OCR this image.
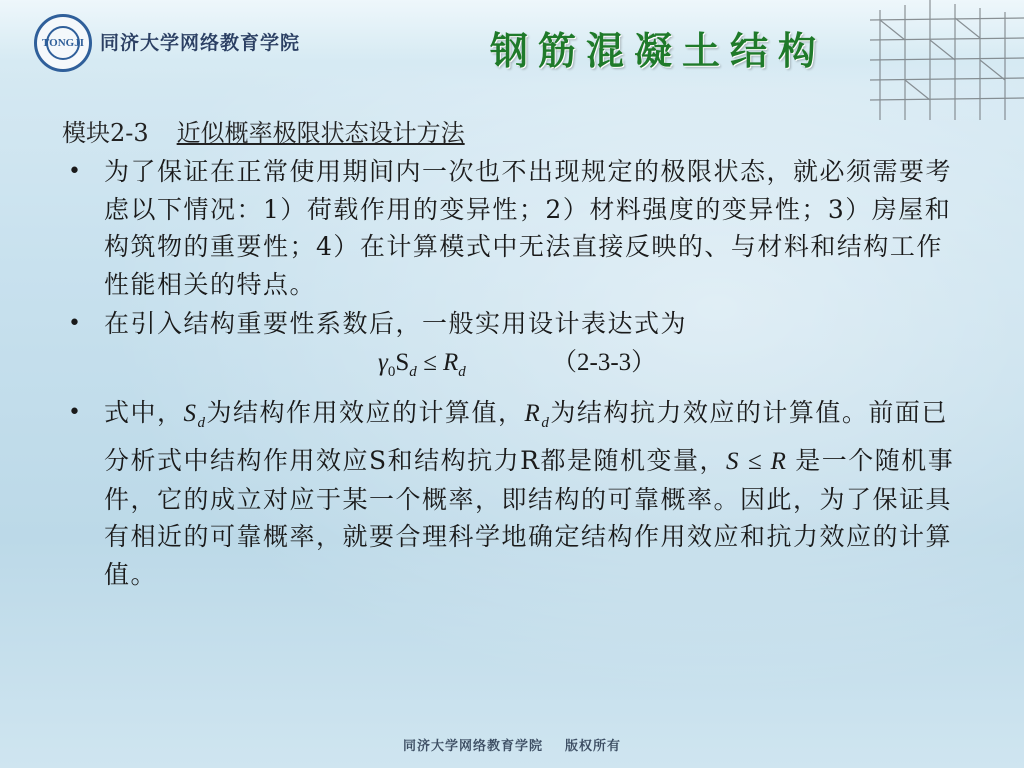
TONGJI 同济大学网络教育学院	钢筋混凝土结构
模块2-3 近似概率极限状态设计方法
• 为了保证在正常使用期间内一次也不出现规定的极限状态，就必须需要考虑以下情况：1）荷载作用的变异性；2）材料强度的变异性；3）房屋和构筑物的重要性；4）在计算模式中无法直接反映的、与材料和结构工作性能相关的特点。
• 在引入结构重要性系数后，一般实用设计表达式为
$\gamma_0S_d \le R_d$	（2-3-3）
• 式中，$S_d$为结构作用效应的计算值，$R_d$为结构抗力效应的计算值。前面已分析式中结构作用效应S和结构抗力R都是随机变量，S ≤ R 是一个随机事件，它的成立对应于某一个概率，即结构的可靠概率。因此，为了保证具有相近的可靠概率，就要合理科学地确定结构作用效应和抗力效应的计算值。
同济大学网络教育学院 版权所有
